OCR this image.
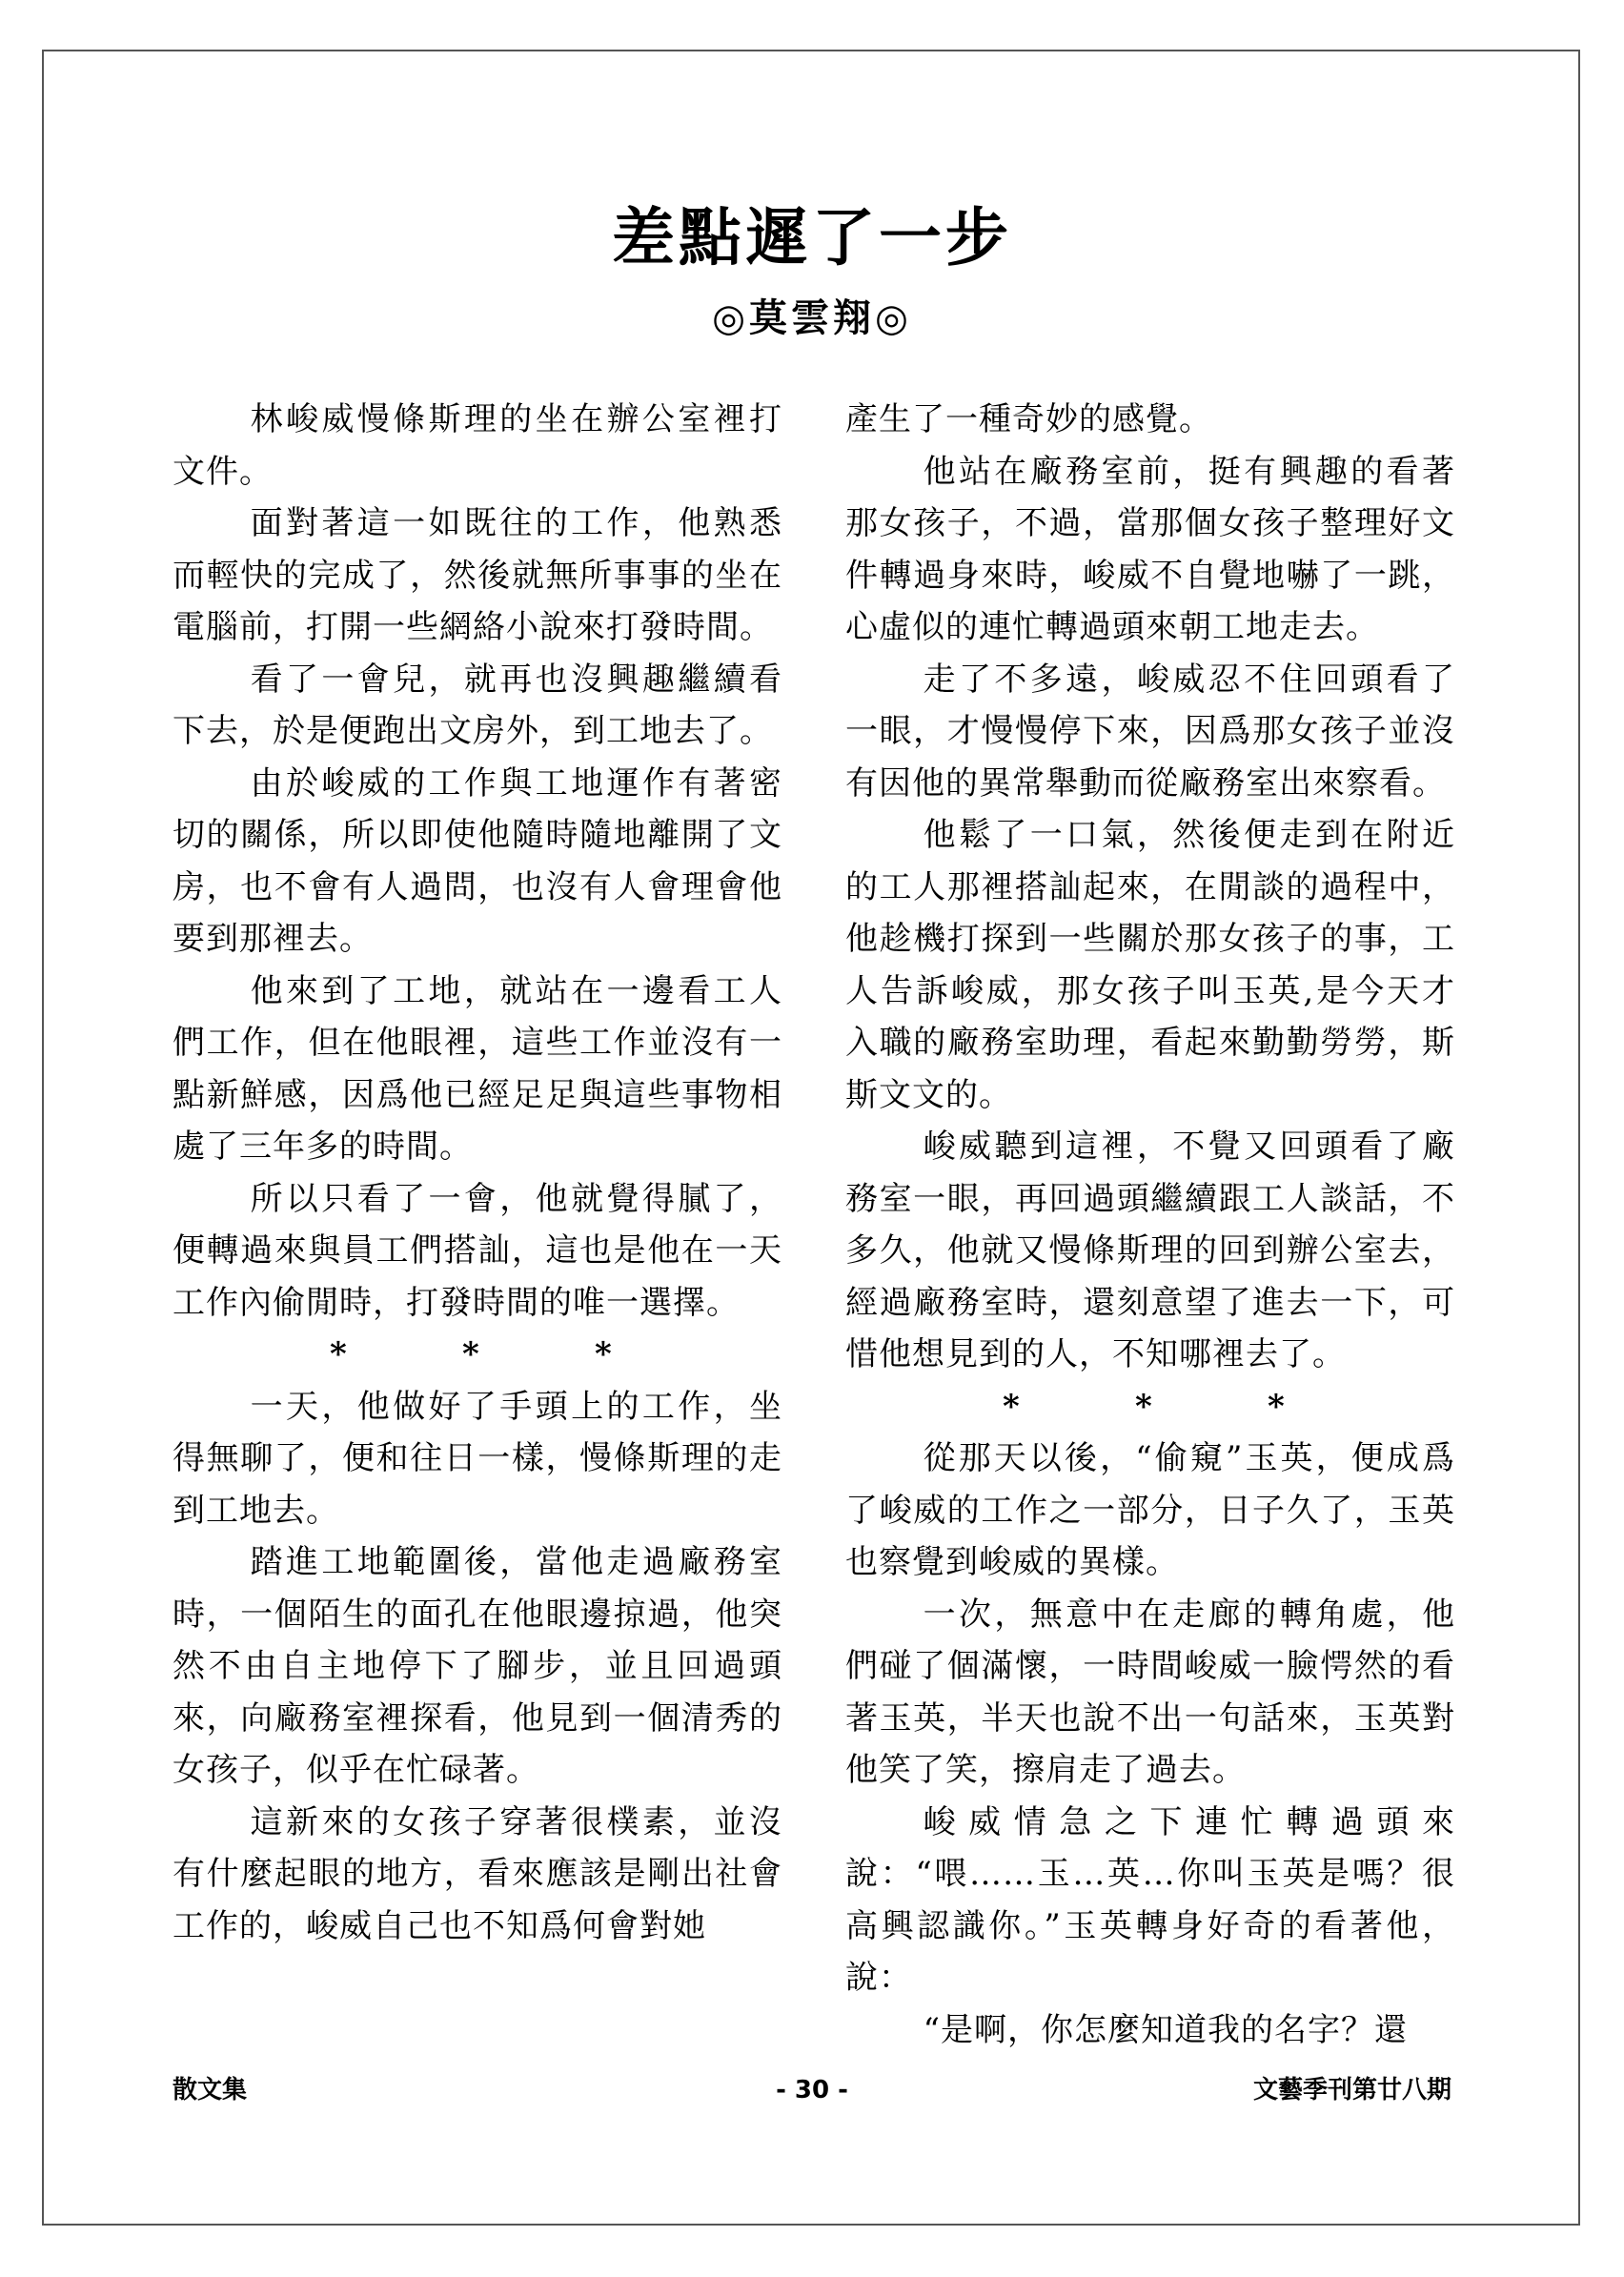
差點遲了一步
◎莫雲翔◎

林峻威慢條斯理的坐在辦公室裡打文件。

面對著這一如既往的工作，他熟悉而輕快的完成了，然後就無所事事的坐在電腦前，打開一些網絡小說來打發時間。

看了一會兒，就再也沒興趣繼續看下去，於是便跑出文房外，到工地去了。

由於峻威的工作與工地運作有著密切的關係，所以即使他隨時隨地離開了文房，也不會有人過問，也沒有人會理會他要到那裡去。

他來到了工地，就站在一邊看工人們工作，但在他眼裡，這些工作並沒有一點新鮮感，因爲他已經足足與這些事物相處了三年多的時間。

所以只看了一會，他就覺得膩了，便轉過來與員工們搭訕，這也是他在一天工作內偷閒時，打發時間的唯一選擇。

*	*	*

一天，他做好了手頭上的工作，坐得無聊了，便和往日一樣，慢條斯理的走到工地去。

踏進工地範圍後，當他走過廠務室時，一個陌生的面孔在他眼邊掠過，他突然不由自主地停下了腳步，並且回過頭來，向廠務室裡探看，他見到一個清秀的女孩子，似乎在忙碌著。

這新來的女孩子穿著很樸素，並沒有什麼起眼的地方，看來應該是剛出社會工作的，峻威自己也不知爲何會對她

產生了一種奇妙的感覺。

他站在廠務室前，挺有興趣的看著那女孩子，不過，當那個女孩子整理好文件轉過身來時，峻威不自覺地嚇了一跳，心虛似的連忙轉過頭來朝工地走去。

走了不多遠，峻威忍不住回頭看了一眼，才慢慢停下來，因爲那女孩子並沒有因他的異常舉動而從廠務室出來察看。

他鬆了一口氣，然後便走到在附近的工人那裡搭訕起來，在閒談的過程中，他趁機打探到一些關於那女孩子的事，工人告訴峻威，那女孩子叫玉英,是今天才入職的廠務室助理，看起來勤勤勞勞，斯斯文文的。

峻威聽到這裡，不覺又回頭看了廠務室一眼，再回過頭繼續跟工人談話，不多久，他就又慢條斯理的回到辦公室去，經過廠務室時，還刻意望了進去一下，可惜他想見到的人，不知哪裡去了。

*	*	*

從那天以後，“偷窺”玉英，便成爲了峻威的工作之一部分，日子久了，玉英也察覺到峻威的異樣。

一次，無意中在走廊的轉角處，他們碰了個滿懷，一時間峻威一臉愕然的看著玉英，半天也說不出一句話來，玉英對他笑了笑，擦肩走了過去。

峻威情急之下連忙轉過頭來說：“喂……玉…英…你叫玉英是嗎？很高興認識你。”玉英轉身好奇的看著他，說：

“是啊，你怎麼知道我的名字？還

散文集	- 30 -	文藝季刊第廿八期
